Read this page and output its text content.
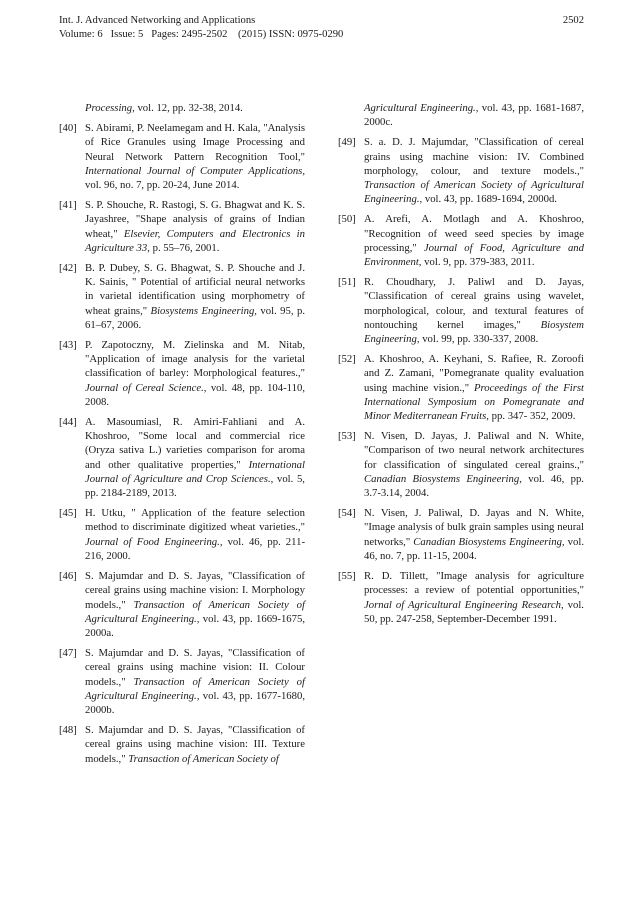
Int. J. Advanced Networking and Applications
Volume: 6   Issue: 5   Pages: 2495-2502    (2015) ISSN: 0975-0290
2502
Processing, vol. 12, pp. 32-38, 2014.
[40] S. Abirami, P. Neelamegam and H. Kala, "Analysis of Rice Granules using Image Processing and Neural Network Pattern Recognition Tool," International Journal of Computer Applications, vol. 96, no. 7, pp. 20-24, June 2014.
[41] S. P. Shouche, R. Rastogi, S. G. Bhagwat and K. S. Jayashree, "Shape analysis of grains of Indian wheat," Elsevier, Computers and Electronics in Agriculture 33, p. 55–76, 2001.
[42] B. P. Dubey, S. G. Bhagwat, S. P. Shouche and J. K. Sainis, " Potential of artificial neural networks in varietal identification using morphometry of wheat grains," Biosystems Engineering, vol. 95, p. 61–67, 2006.
[43] P. Zapotoczny, M. Zielinska and M. Nitab, "Application of image analysis for the varietal classification of barley: Morphological features.," Journal of Cereal Science., vol. 48, pp. 104-110, 2008.
[44] A. Masoumiasl, R. Amiri-Fahliani and A. Khoshroo, "Some local and commercial rice (Oryza sativa L.) varieties comparison for aroma and other qualitative properties," International Journal of Agriculture and Crop Sciences., vol. 5, pp. 2184-2189, 2013.
[45] H. Utku, " Application of the feature selection method to discriminate digitized wheat varieties.," Journal of Food Engineering., vol. 46, pp. 211-216, 2000.
[46] S. Majumdar and D. S. Jayas, "Classification of cereal grains using machine vision: I. Morphology models.," Transaction of American Society of Agricultural Engineering., vol. 43, pp. 1669-1675, 2000a.
[47] S. Majumdar and D. S. Jayas, "Classification of cereal grains using machine vision: II. Colour models.," Transaction of American Society of Agricultural Engineering., vol. 43, pp. 1677-1680, 2000b.
[48] S. Majumdar and D. S. Jayas, "Classification of cereal grains using machine vision: III. Texture models.," Transaction of American Society of
Agricultural Engineering., vol. 43, pp. 1681-1687, 2000c.
[49] S. a. D. J. Majumdar, "Classification of cereal grains using machine vision: IV. Combined morphology, colour, and texture models.," Transaction of American Society of Agricultural Engineering., vol. 43, pp. 1689-1694, 2000d.
[50] A. Arefi, A. Motlagh and A. Khoshroo, "Recognition of weed seed species by image processing," Journal of Food, Agriculture and Environment, vol. 9, pp. 379-383, 2011.
[51] R. Choudhary, J. Paliwl and D. Jayas, "Classification of cereal grains using wavelet, morphological, colour, and textural features of nontouching kernel images," Biosystem Engineering, vol. 99, pp. 330-337, 2008.
[52] A. Khoshroo, A. Keyhani, S. Rafiee, R. Zoroofi and Z. Zamani, "Pomegranate quality evaluation using machine vision.," Proceedings of the First International Symposium on Pomegranate and Minor Mediterranean Fruits, pp. 347- 352, 2009.
[53] N. Visen, D. Jayas, J. Paliwal and N. White, "Comparison of two neural network architectures for classification of singulated cereal grains.," Canadian Biosystems Engineering, vol. 46, pp. 3.7-3.14, 2004.
[54] N. Visen, J. Paliwal, D. Jayas and N. White, "Image analysis of bulk grain samples using neural networks," Canadian Biosystems Engineering, vol. 46, no. 7, pp. 11-15, 2004.
[55] R. D. Tillett, "Image analysis for agriculture processes: a review of potential opportunities," Jornal of Agricultural Engineering Research, vol. 50, pp. 247-258, September-December 1991.
